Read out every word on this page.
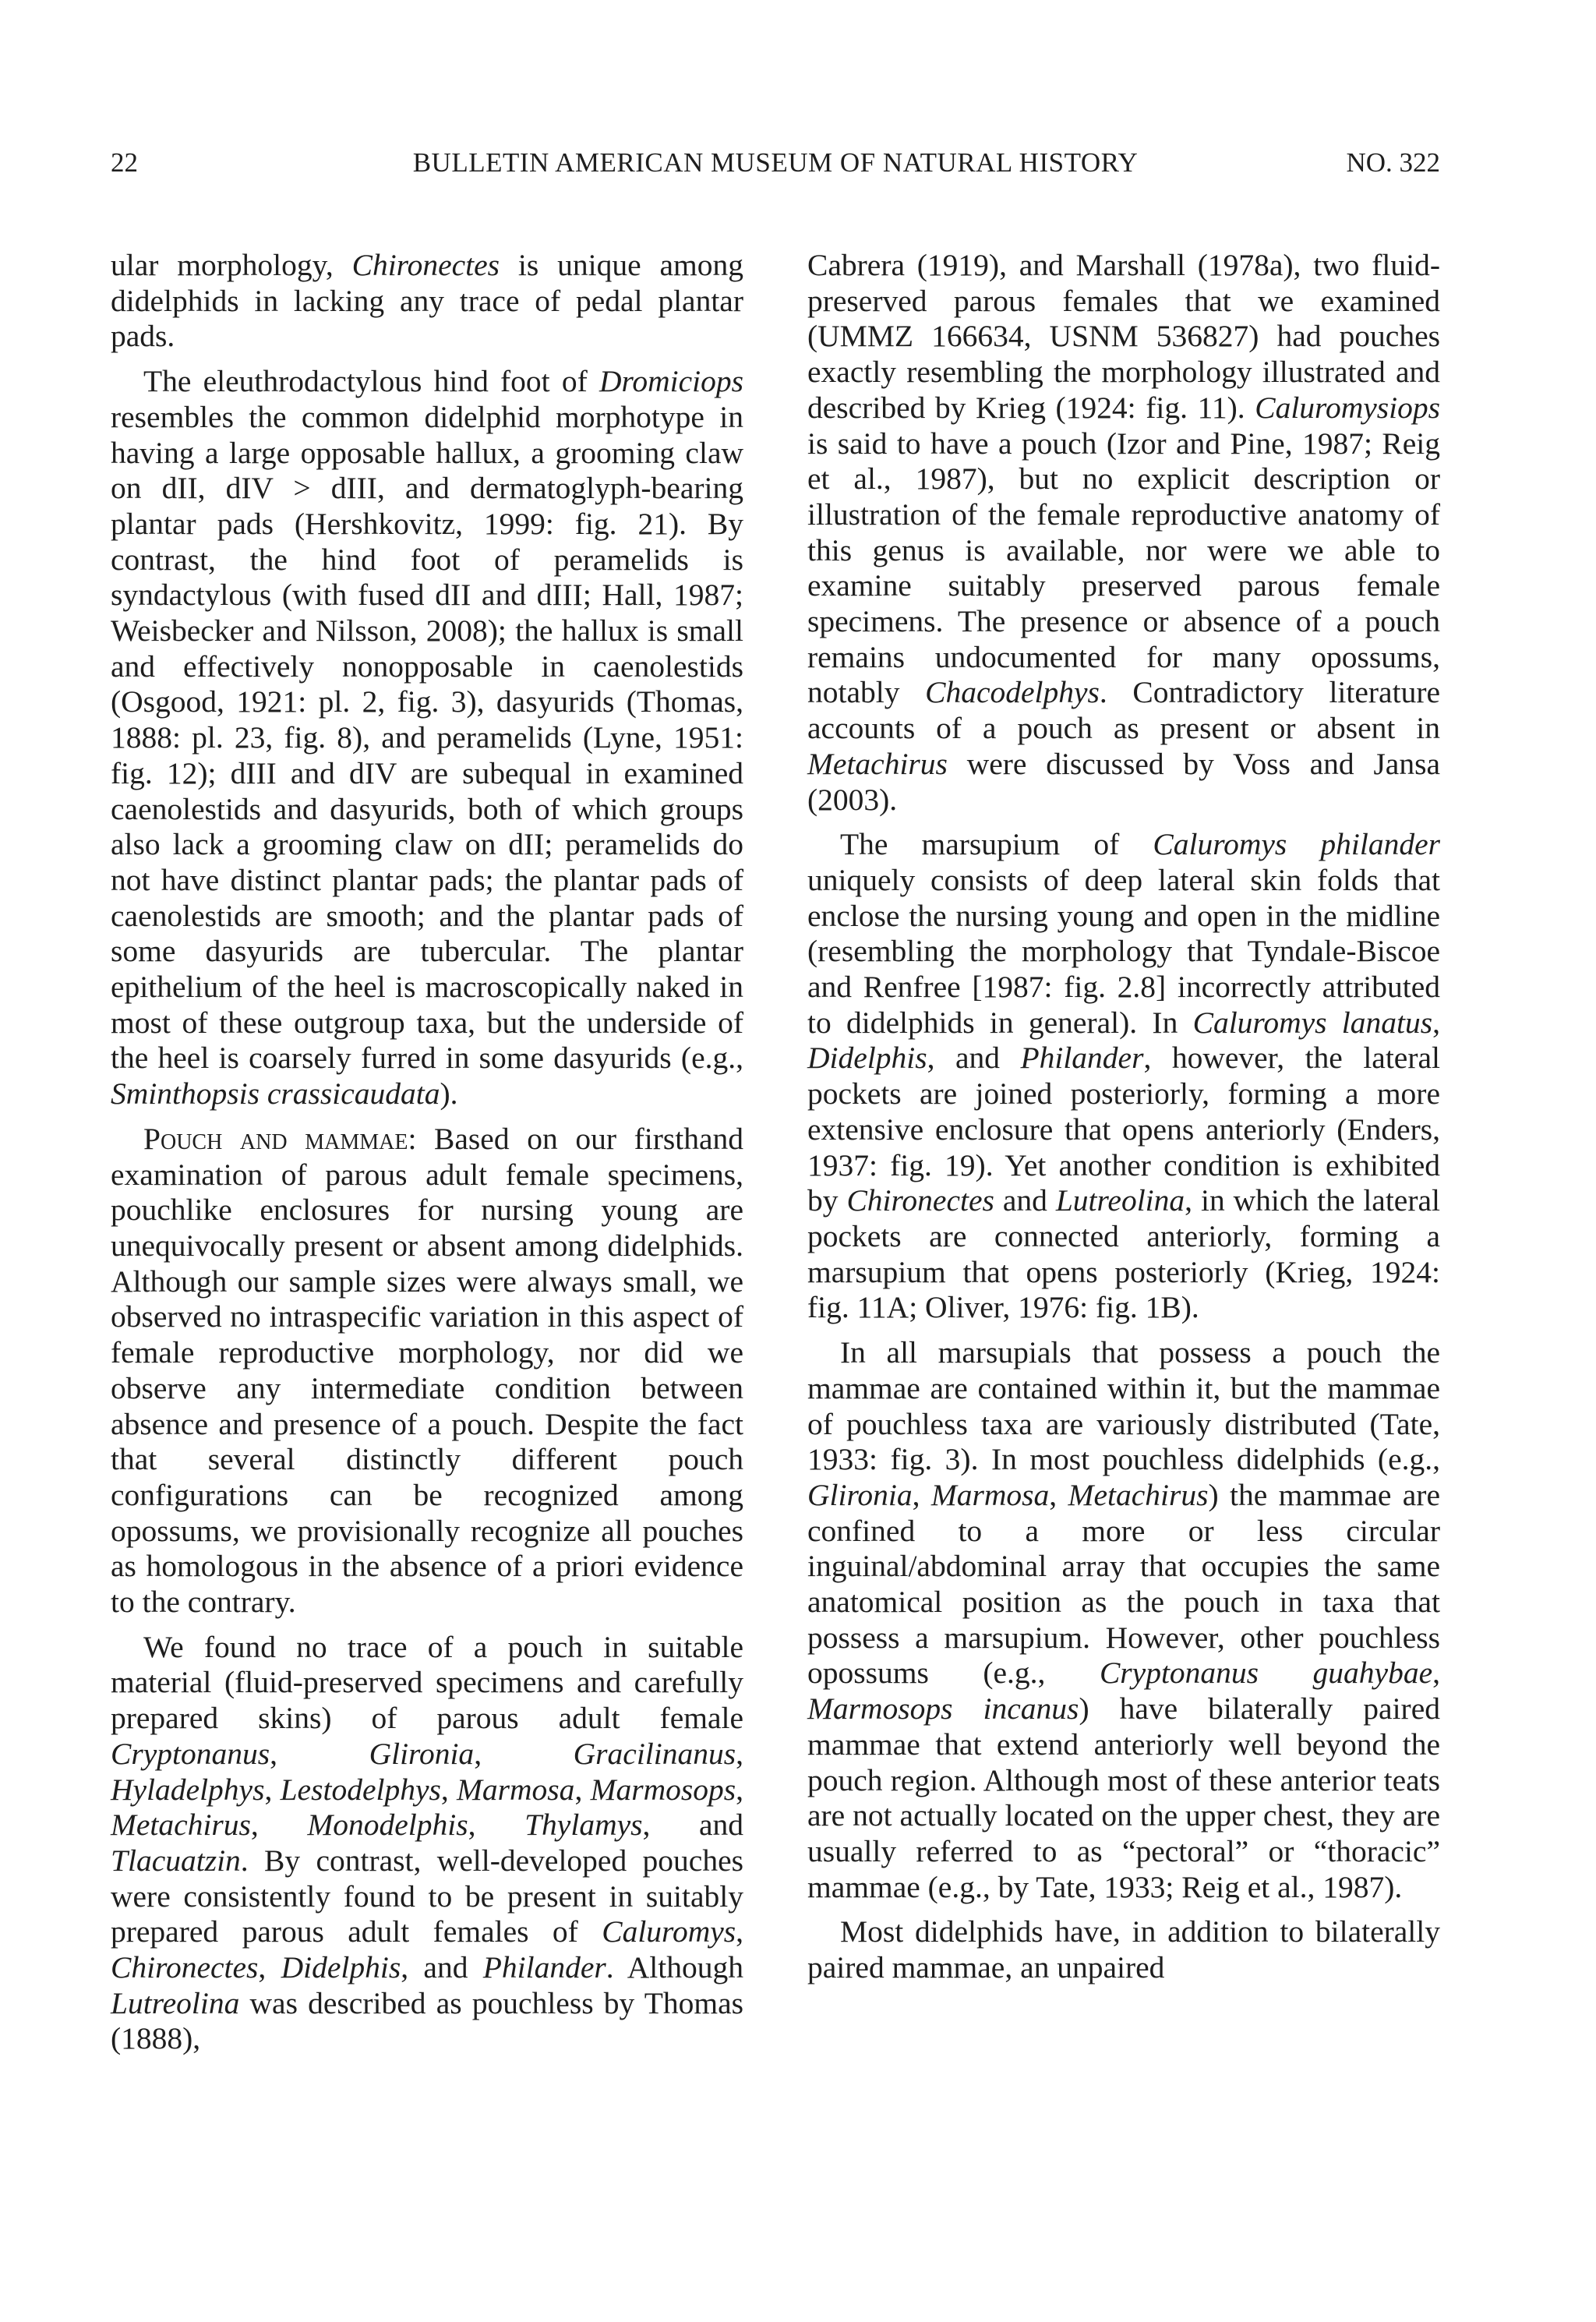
22	BULLETIN AMERICAN MUSEUM OF NATURAL HISTORY	NO. 322

ular morphology, Chironectes is unique among didelphids in lacking any trace of pedal plantar pads.

The eleuthrodactylous hind foot of Dromiciops resembles the common didelphid morphotype in having a large opposable hallux, a grooming claw on dII, dIV > dIII, and dermatoglyph-bearing plantar pads (Hershkovitz, 1999: fig. 21). By contrast, the hind foot of peramelids is syndactylous (with fused dII and dIII; Hall, 1987; Weisbecker and Nilsson, 2008); the hallux is small and effectively nonopposable in caenolestids (Osgood, 1921: pl. 2, fig. 3), dasyurids (Thomas, 1888: pl. 23, fig. 8), and peramelids (Lyne, 1951: fig. 12); dIII and dIV are subequal in examined caenolestids and dasyurids, both of which groups also lack a grooming claw on dII; peramelids do not have distinct plantar pads; the plantar pads of caenolestids are smooth; and the plantar pads of some dasyurids are tubercular. The plantar epithelium of the heel is macroscopically naked in most of these outgroup taxa, but the underside of the heel is coarsely furred in some dasyurids (e.g., Sminthopsis crassicaudata).

Pouch and mammae: Based on our firsthand examination of parous adult female specimens, pouchlike enclosures for nursing young are unequivocally present or absent among didelphids. Although our sample sizes were always small, we observed no intraspecific variation in this aspect of female reproductive morphology, nor did we observe any intermediate condition between absence and presence of a pouch. Despite the fact that several distinctly different pouch configurations can be recognized among opossums, we provisionally recognize all pouches as homologous in the absence of a priori evidence to the contrary.

We found no trace of a pouch in suitable material (fluid-preserved specimens and carefully prepared skins) of parous adult female Cryptonanus, Glironia, Gracilinanus, Hyladelphys, Lestodelphys, Marmosa, Marmosops, Metachirus, Monodelphis, Thylamys, and Tlacuatzin. By contrast, well-developed pouches were consistently found to be present in suitably prepared parous adult females of Caluromys, Chironectes, Didelphis, and Philander. Although Lutreolina was described as pouchless by Thomas (1888),

Cabrera (1919), and Marshall (1978a), two fluid-preserved parous females that we examined (UMMZ 166634, USNM 536827) had pouches exactly resembling the morphology illustrated and described by Krieg (1924: fig. 11). Caluromysiops is said to have a pouch (Izor and Pine, 1987; Reig et al., 1987), but no explicit description or illustration of the female reproductive anatomy of this genus is available, nor were we able to examine suitably preserved parous female specimens. The presence or absence of a pouch remains undocumented for many opossums, notably Chacodelphys. Contradictory literature accounts of a pouch as present or absent in Metachirus were discussed by Voss and Jansa (2003).

The marsupium of Caluromys philander uniquely consists of deep lateral skin folds that enclose the nursing young and open in the midline (resembling the morphology that Tyndale-Biscoe and Renfree [1987: fig. 2.8] incorrectly attributed to didelphids in general). In Caluromys lanatus, Didelphis, and Philander, however, the lateral pockets are joined posteriorly, forming a more extensive enclosure that opens anteriorly (Enders, 1937: fig. 19). Yet another condition is exhibited by Chironectes and Lutreolina, in which the lateral pockets are connected anteriorly, forming a marsupium that opens posteriorly (Krieg, 1924: fig. 11A; Oliver, 1976: fig. 1B).

In all marsupials that possess a pouch the mammae are contained within it, but the mammae of pouchless taxa are variously distributed (Tate, 1933: fig. 3). In most pouchless didelphids (e.g., Glironia, Marmosa, Metachirus) the mammae are confined to a more or less circular inguinal/abdominal array that occupies the same anatomical position as the pouch in taxa that possess a marsupium. However, other pouchless opossums (e.g., Cryptonanus guahybae, Marmosops incanus) have bilaterally paired mammae that extend anteriorly well beyond the pouch region. Although most of these anterior teats are not actually located on the upper chest, they are usually referred to as “pectoral” or “thoracic” mammae (e.g., by Tate, 1933; Reig et al., 1987).

Most didelphids have, in addition to bilaterally paired mammae, an unpaired
